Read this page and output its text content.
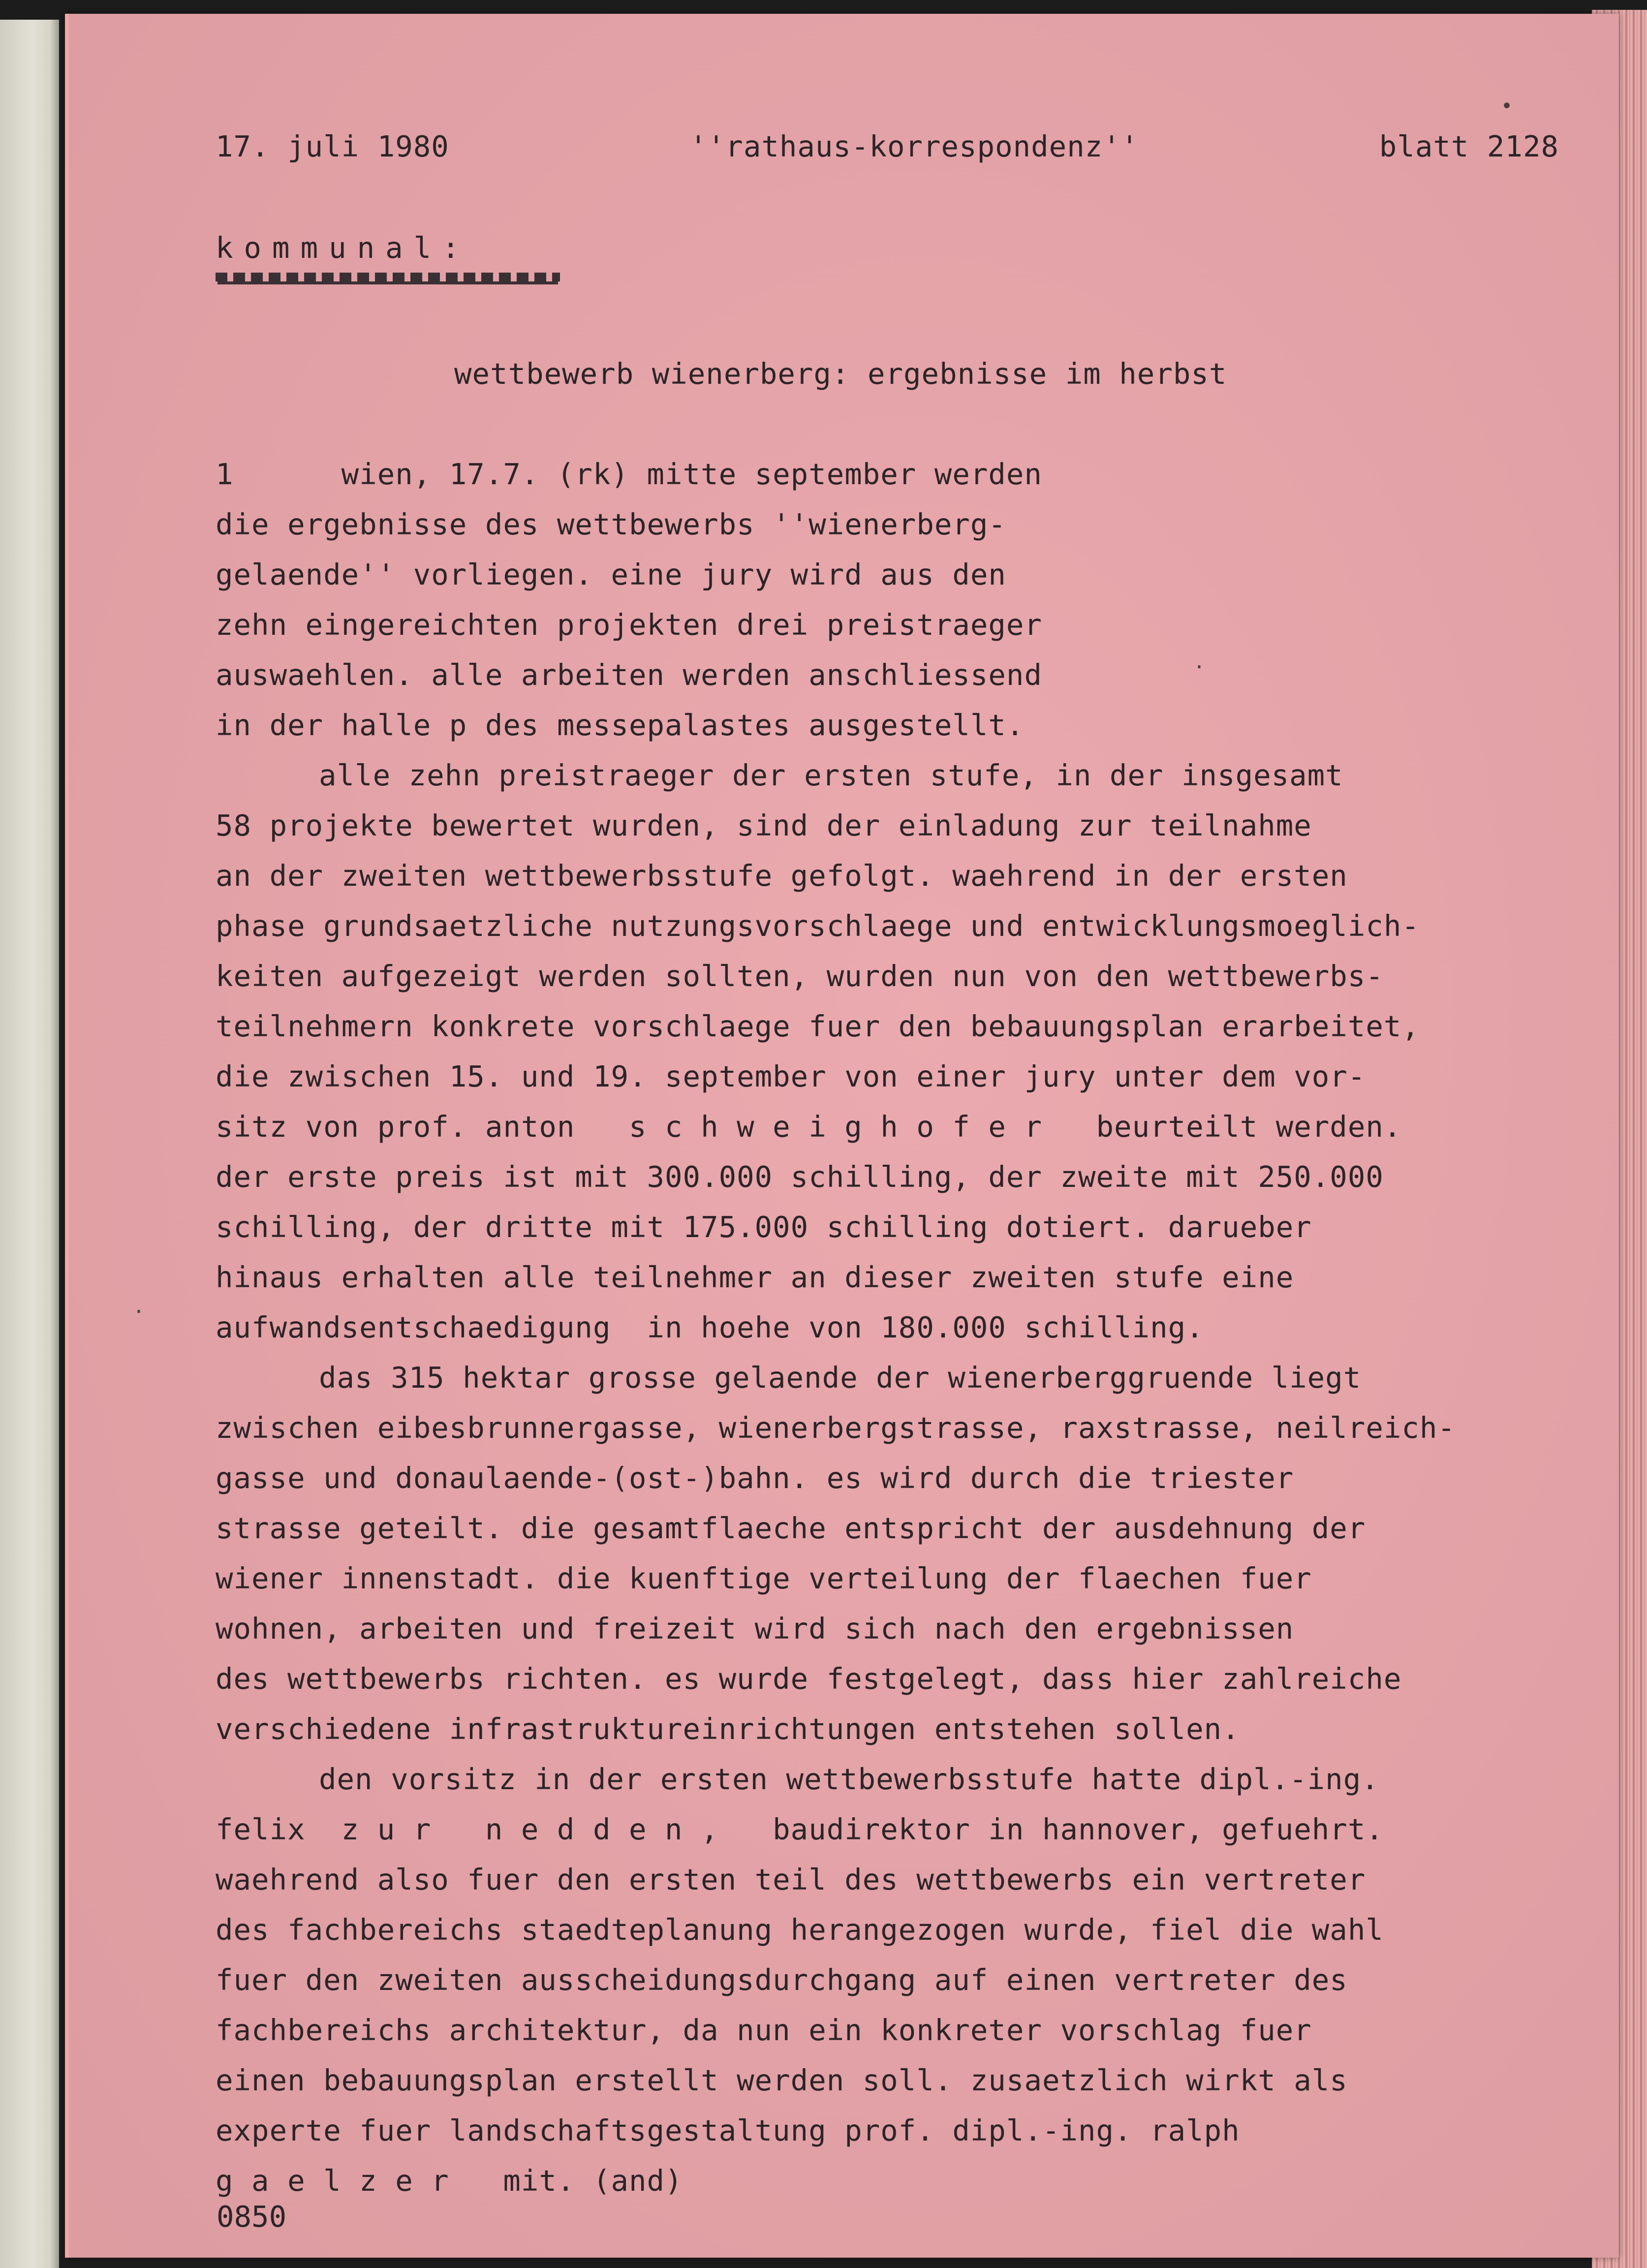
•
·
·
17. juli 1980	''rathaus-korrespondenz''	blatt 2128
kommunal:
wettbewerb wienerberg: ergebnisse im herbst
1      wien, 17.7. (rk) mitte september werden
die ergebnisse des wettbewerbs ''wienerberg-
gelaende'' vorliegen. eine jury wird aus den
zehn eingereichten projekten drei preistraeger
auswaehlen. alle arbeiten werden anschliessend
in der halle p des messepalastes ausgestellt.
alle zehn preistraeger der ersten stufe, in der insgesamt
58 projekte bewertet wurden, sind der einladung zur teilnahme
an der zweiten wettbewerbsstufe gefolgt. waehrend in der ersten
phase grundsaetzliche nutzungsvorschlaege und entwicklungsmoeglich-
keiten aufgezeigt werden sollten, wurden nun von den wettbewerbs-
teilnehmern konkrete vorschlaege fuer den bebauungsplan erarbeitet,
die zwischen 15. und 19. september von einer jury unter dem vor-
sitz von prof. anton   s c h w e i g h o f e r   beurteilt werden.
der erste preis ist mit 300.000 schilling, der zweite mit 250.000
schilling, der dritte mit 175.000 schilling dotiert. darueber
hinaus erhalten alle teilnehmer an dieser zweiten stufe eine
aufwandsentschaedigung  in hoehe von 180.000 schilling.
das 315 hektar grosse gelaende der wienerberggruende liegt
zwischen eibesbrunnergasse, wienerbergstrasse, raxstrasse, neilreich-
gasse und donaulaende-(ost-)bahn. es wird durch die triester
strasse geteilt. die gesamtflaeche entspricht der ausdehnung der
wiener innenstadt. die kuenftige verteilung der flaechen fuer
wohnen, arbeiten und freizeit wird sich nach den ergebnissen
des wettbewerbs richten. es wurde festgelegt, dass hier zahlreiche
verschiedene infrastruktureinrichtungen entstehen sollen.
den vorsitz in der ersten wettbewerbsstufe hatte dipl.-ing.
felix  z u r   n e d d e n ,   baudirektor in hannover, gefuehrt.
waehrend also fuer den ersten teil des wettbewerbs ein vertreter
des fachbereichs staedteplanung herangezogen wurde, fiel die wahl
fuer den zweiten ausscheidungsdurchgang auf einen vertreter des
fachbereichs architektur, da nun ein konkreter vorschlag fuer
einen bebauungsplan erstellt werden soll. zusaetzlich wirkt als
experte fuer landschaftsgestaltung prof. dipl.-ing. ralph
g a e l z e r   mit. (and)
0850
